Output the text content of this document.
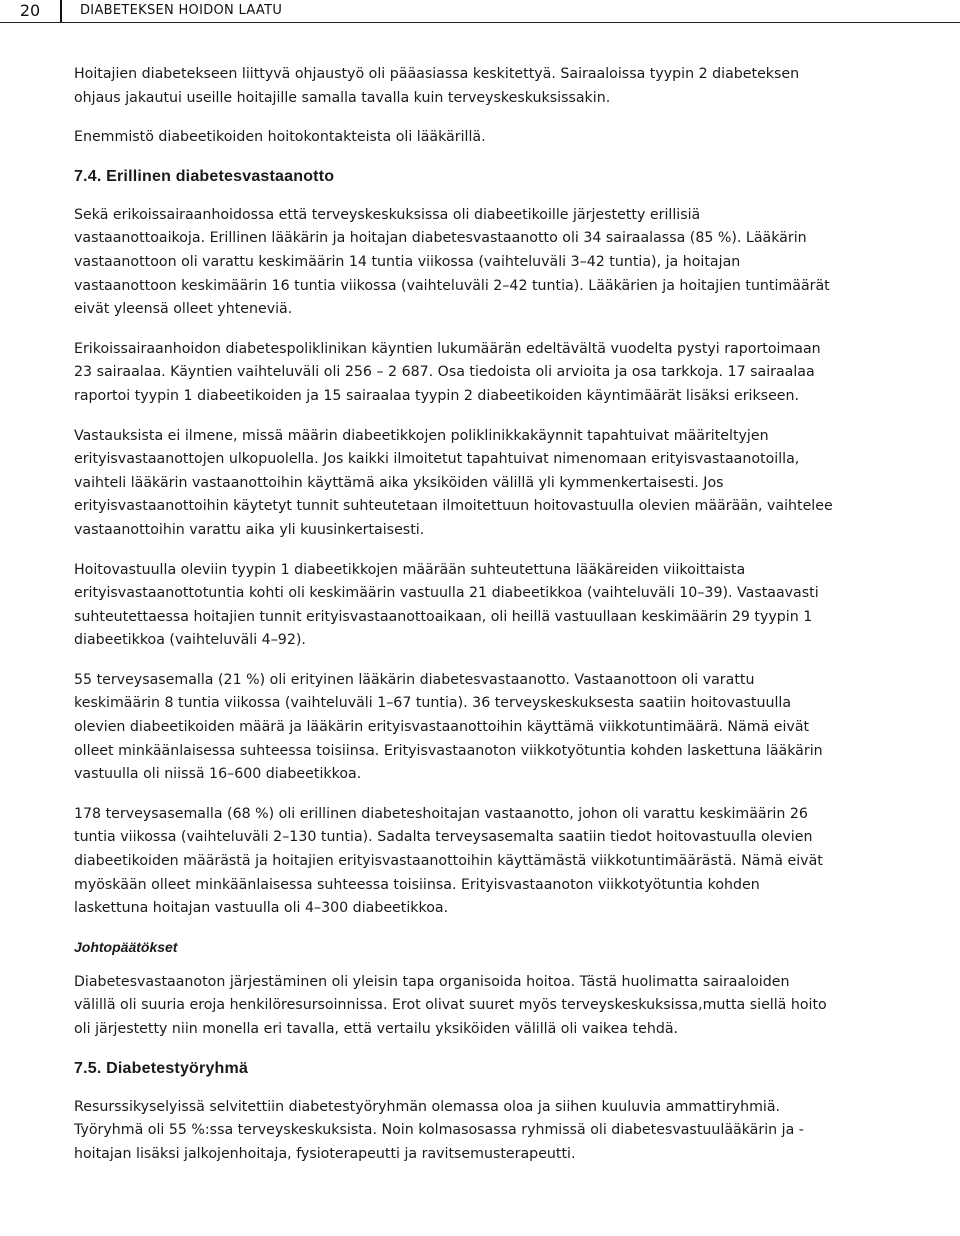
20	DIABETEKSEN HOIDON LAATU

Hoitajien diabetekseen liittyvä ohjaustyö oli pääasiassa keskitettyä. Sairaaloissa tyypin 2 diabeteksen ohjaus jakautui useille hoitajille samalla tavalla kuin terveyskeskuksissakin.

Enemmistö diabeetikoiden hoitokontakteista oli lääkärillä.

7.4. Erillinen diabetesvastaanotto

Sekä erikoissairaanhoidossa että terveyskeskuksissa oli diabeetikoille järjestetty erillisiä vastaanottoaikoja. Erillinen lääkärin ja hoitajan diabetesvastaanotto oli 34 sairaalassa (85 %). Lääkärin vastaanottoon oli varattu keskimäärin 14 tuntia viikossa (vaihteluväli 3–42 tuntia), ja hoitajan vastaanottoon keskimäärin 16 tuntia viikossa (vaihteluväli 2–42 tuntia). Lääkärien ja hoitajien tuntimäärät eivät yleensä olleet yhteneviä.

Erikoissairaanhoidon diabetespoliklinikan käyntien lukumäärän edeltävältä vuodelta pystyi raportoimaan 23 sairaalaa. Käyntien vaihteluväli oli 256 – 2 687. Osa tiedoista oli arvioita ja osa tarkkoja. 17 sairaalaa raportoi tyypin 1 diabeetikoiden ja 15 sairaalaa tyypin 2 diabeetikoiden käyntimäärät lisäksi erikseen.

Vastauksista ei ilmene, missä määrin diabeetikkojen poliklinikkakäynnit tapahtuivat määriteltyjen erityisvastaanottojen ulkopuolella. Jos kaikki ilmoitetut tapahtuivat nimenomaan erityisvastaanotoilla, vaihteli lääkärin vastaanottoihin käyttämä aika yksiköiden välillä yli kymmenkertaisesti. Jos erityisvastaanottoihin käytetyt tunnit suhteutetaan ilmoitettuun hoitovastuulla olevien määrään, vaihtelee vastaanottoihin varattu aika yli kuusinkertaisesti.

Hoitovastuulla oleviin tyypin 1 diabeetikkojen määrään suhteutettuna lääkäreiden viikoittaista erityisvastaanottotuntia kohti oli keskimäärin vastuulla 21 diabeetikkoa (vaihteluväli 10–39). Vastaavasti suhteutettaessa hoitajien tunnit erityisvastaanottoaikaan, oli heillä vastuullaan keskimäärin 29 tyypin 1 diabeetikkoa (vaihteluväli 4–92).

55 terveysasemalla (21 %) oli erityinen lääkärin diabetesvastaanotto. Vastaanottoon oli varattu keskimäärin 8 tuntia viikossa (vaihteluväli 1–67 tuntia). 36 terveyskeskuksesta saatiin hoitovastuulla olevien diabeetikoiden määrä ja lääkärin erityisvastaanottoihin käyttämä viikkotuntimäärä. Nämä eivät olleet minkäänlaisessa suhteessa toisiinsa. Erityisvastaanoton viikkotyötuntia kohden laskettuna lääkärin vastuulla oli niissä 16–600 diabeetikkoa.

178 terveysasemalla (68 %) oli erillinen diabeteshoitajan vastaanotto, johon oli varattu keskimäärin 26 tuntia viikossa (vaihteluväli 2–130 tuntia). Sadalta terveysasemalta saatiin tiedot hoitovastuulla olevien diabeetikoiden määrästä ja hoitajien erityisvastaanottoihin käyttämästä viikkotuntimäärästä. Nämä eivät myöskään olleet minkäänlaisessa suhteessa toisiinsa. Erityisvastaanoton viikkotyötuntia kohden laskettuna hoitajan vastuulla oli 4–300 diabeetikkoa.

Johtopäätökset

Diabetesvastaanoton järjestäminen oli yleisin tapa organisoida hoitoa. Tästä huolimatta sairaaloiden välillä oli suuria eroja henkilöresursoinnissa. Erot olivat suuret myös terveyskeskuksissa,mutta siellä hoito oli järjestetty niin monella eri tavalla, että vertailu yksiköiden välillä oli vaikea tehdä.

7.5. Diabetestyöryhmä

Resurssikyselyissä selvitettiin diabetestyöryhmän olemassa oloa ja siihen kuuluvia ammattiryhmiä. Työryhmä oli 55 %:ssa terveyskeskuksista. Noin kolmasosassa ryhmissä oli diabetesvastuulääkärin ja -hoitajan lisäksi jalkojenhoitaja, fysioterapeutti ja ravitsemusterapeutti.
